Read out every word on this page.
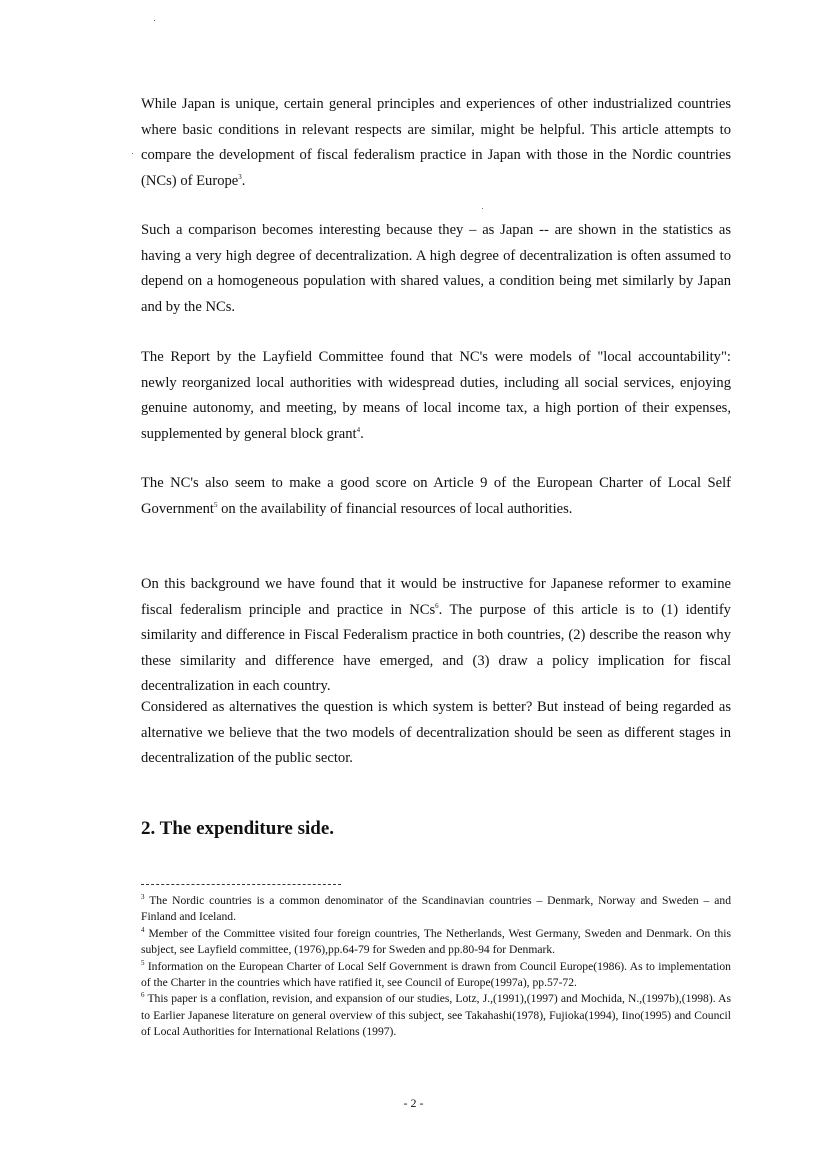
While Japan is unique, certain general principles and experiences of other industrialized countries where basic conditions in relevant respects are similar, might be helpful. This article attempts to compare the development of fiscal federalism practice in Japan with those in the Nordic countries (NCs) of Europe$^3$.

Such a comparison becomes interesting because they – as Japan -- are shown in the statistics as having a very high degree of decentralization. A high degree of decentralization is often assumed to depend on a homogeneous population with shared values, a condition being met similarly by Japan and by the NCs.

The Report by the Layfield Committee found that NC's were models of "local accountability": newly reorganized local authorities with widespread duties, including all social services, enjoying genuine autonomy, and meeting, by means of local income tax, a high portion of their expenses, supplemented by general block grant$^4$.

The NC's also seem to make a good score on Article 9 of the European Charter of Local Self Government$^5$ on the availability of financial resources of local authorities.

On this background we have found that it would be instructive for Japanese reformer to examine fiscal federalism principle and practice in NCs$^6$. The purpose of this article is to (1) identify similarity and difference in Fiscal Federalism practice in both countries, (2) describe the reason why these similarity and difference have emerged, and (3) draw a policy implication for fiscal decentralization in each country.

Considered as alternatives the question is which system is better? But instead of being regarded as alternative we believe that the two models of decentralization should be seen as different stages in decentralization of the public sector.

2. The expenditure side.

$^3$ The Nordic countries is a common denominator of the Scandinavian countries – Denmark, Norway and Sweden – and Finland and Iceland.

$^4$ Member of the Committee visited four foreign countries, The Netherlands, West Germany, Sweden and Denmark. On this subject, see Layfield committee, (1976),pp.64-79 for Sweden and pp.80-94 for Denmark.

$^5$ Information on the European Charter of Local Self Government is drawn from Council Europe(1986). As to implementation of the Charter in the countries which have ratified it, see Council of Europe(1997a), pp.57-72.

$^6$ This paper is a conflation, revision, and expansion of our studies, Lotz, J.,(1991),(1997) and Mochida, N.,(1997b),(1998). As to Earlier Japanese literature on general overview of this subject, see Takahashi(1978), Fujioka(1994), Iino(1995) and Council of Local Authorities for International Relations (1997).

- 2 -
